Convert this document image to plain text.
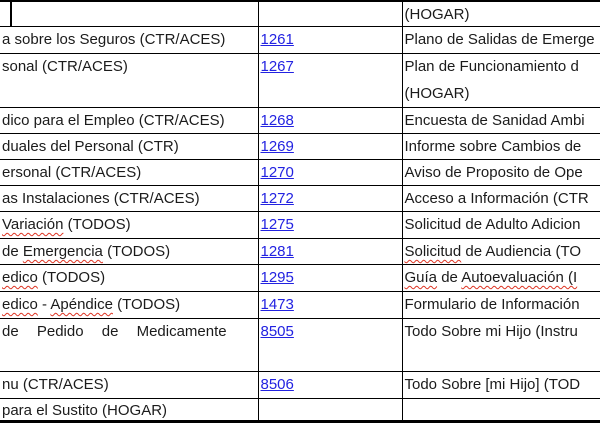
		(HOGAR)

a sobre los Seguros (CTR/ACES)	1261	Plano de Salidas de Emerge

sonal (CTR/ACES)	1267	Plan de Funcionamiento d
(HOGAR)

dico para el Empleo (CTR/ACES)	1268	Encuesta de Sanidad Ambi

duales del Personal (CTR)	1269	Informe sobre Cambios de

ersonal (CTR/ACES)	1270	Aviso de Proposito de Ope

as Instalaciones (CTR/ACES)	1272	Acceso a Información (CTR

Variación (TODOS)	1275	Solicitud de Adulto Adicion

de Emergencia (TODOS)	1281	Solicitud de Audiencia (TO

edico (TODOS)	1295	Guía de Autoevaluación (I

edico - Apéndice (TODOS)	1473	Formulario de Información

de Pedido de Medicamente	8505	Todo Sobre mi Hijo (Instru

nu (CTR/ACES)	8506	Todo Sobre [mi Hijo] (TOD

para el Sustito (HOGAR)		
